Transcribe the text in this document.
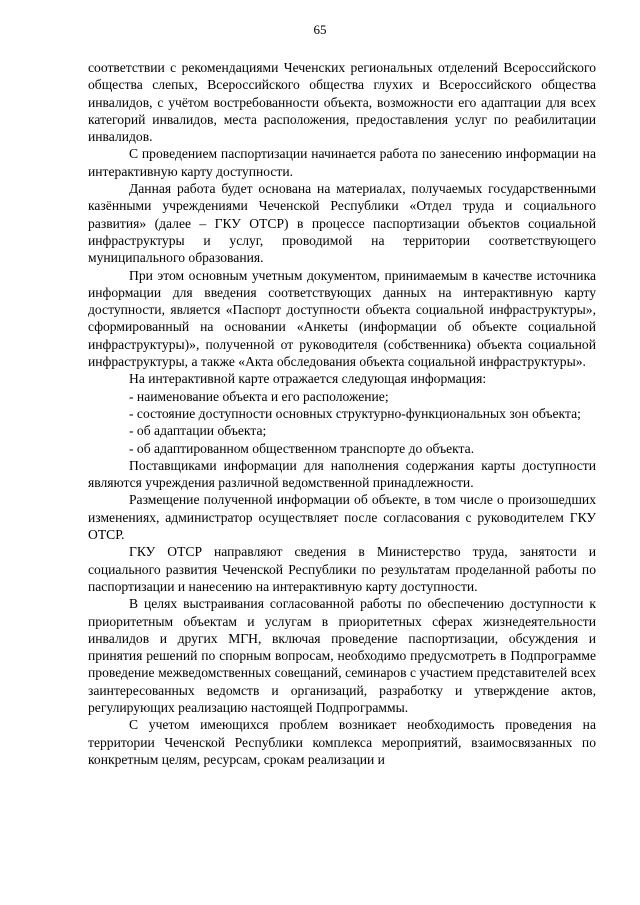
65

соответствии с рекомендациями Чеченских региональных отделений Всероссийского общества слепых, Всероссийского общества глухих и Всероссийского общества инвалидов, с учётом востребованности объекта, возможности его адаптации для всех категорий инвалидов, места расположения, предоставления услуг по реабилитации инвалидов.

С проведением паспортизации начинается работа по занесению информации на интерактивную карту доступности.

Данная работа будет основана на материалах, получаемых государственными казёнными учреждениями Чеченской Республики «Отдел труда и социального развития» (далее – ГКУ ОТСР) в процессе паспортизации объектов социальной инфраструктуры и услуг, проводимой на территории соответствующего муниципального образования.

При этом основным учетным документом, принимаемым в качестве источника информации для введения соответствующих данных на интерактивную карту доступности, является «Паспорт доступности объекта социальной инфраструктуры», сформированный на основании «Анкеты (информации об объекте социальной инфраструктуры)», полученной от руководителя (собственника) объекта социальной инфраструктуры, а также «Акта обследования объекта социальной инфраструктуры».

На интерактивной карте отражается следующая информация:

- наименование объекта и его расположение;

- состояние доступности основных структурно-функциональных зон объекта;

- об адаптации объекта;

- об адаптированном общественном транспорте до объекта.

Поставщиками информации для наполнения содержания карты доступности являются учреждения различной ведомственной принадлежности.

Размещение полученной информации об объекте, в том числе о произошедших изменениях, администратор осуществляет после согласования с руководителем ГКУ ОТСР.

ГКУ ОТСР направляют сведения в Министерство труда, занятости и социального развития Чеченской Республики по результатам проделанной работы по паспортизации и нанесению на интерактивную карту доступности.

В целях выстраивания согласованной работы по обеспечению доступности к приоритетным объектам и услугам в приоритетных сферах жизнедеятельности инвалидов и других МГН, включая проведение паспортизации, обсуждения и принятия решений по спорным вопросам, необходимо предусмотреть в Подпрограмме проведение межведомственных совещаний, семинаров с участием представителей всех заинтересованных ведомств и организаций, разработку и утверждение актов, регулирующих реализацию настоящей Подпрограммы.

С учетом имеющихся проблем возникает необходимость проведения на территории Чеченской Республики комплекса мероприятий, взаимосвязанных по конкретным целям, ресурсам, срокам реализации и
